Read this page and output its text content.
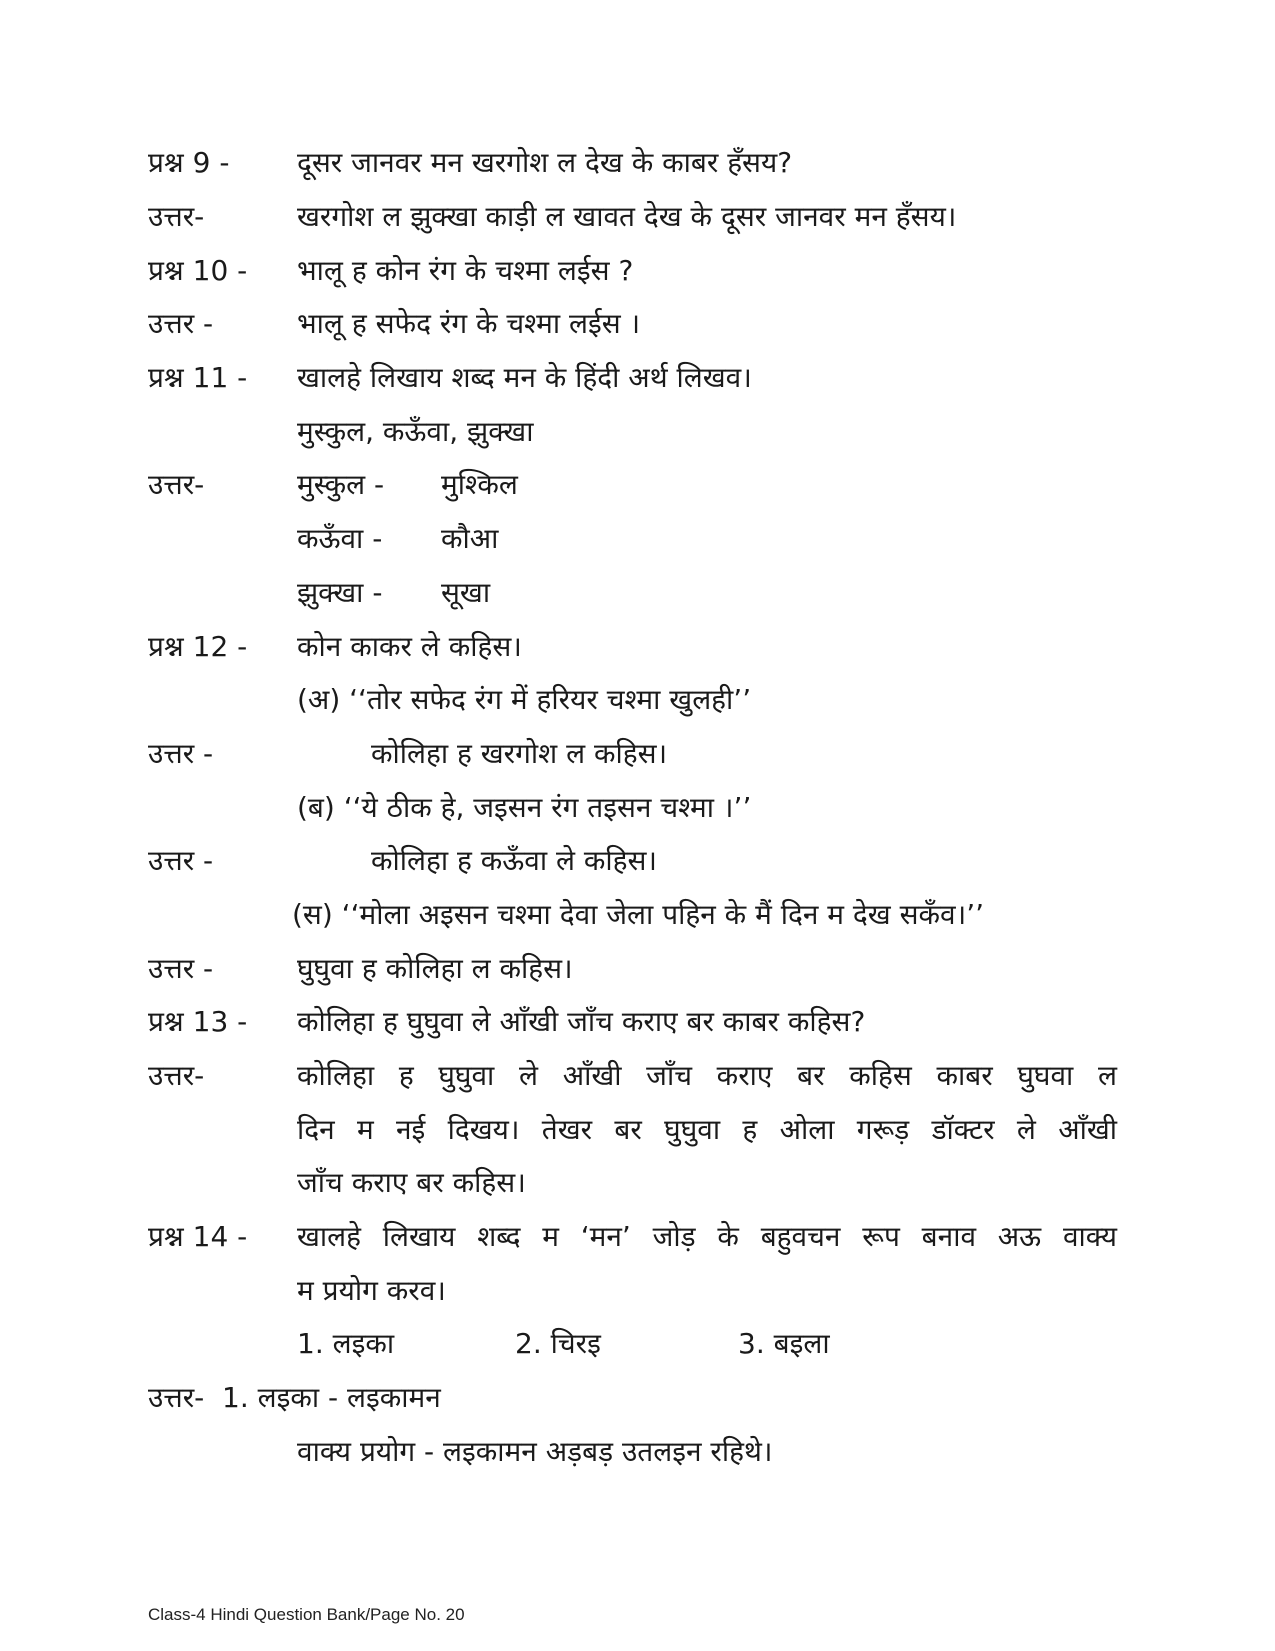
प्रश्न 9 - दूसर जानवर मन खरगोश ल देख के काबर हँसय?
उत्तर-	खरगोश ल झुक्खा काड़ी ल खावत देख के दूसर जानवर मन हँसय।
प्रश्न 10 - भालू ह कोन रंग के चश्मा लईस ?
उत्तर -	भालू ह सफेद रंग के चश्मा लईस ।
प्रश्न 11 - खालहे लिखाय शब्द मन के हिंदी अर्थ लिखव।
मुस्कुल, कऊँवा, झुक्खा
उत्तर-	मुस्कुल - मुश्किल
कऊँवा - कौआ
झुक्खा - सूखा
प्रश्न 12 - कोन काकर ले कहिस।
(अ) ‘‘तोर सफेद रंग में हरियर चश्मा खुलही’’
उत्तर -	कोलिहा ह खरगोश ल कहिस।
(ब) ‘‘ये ठीक हे, जइसन रंग तइसन चश्मा ।’’
उत्तर -	कोलिहा ह कऊँवा ले कहिस।
(स) ‘‘मोला अइसन चश्मा देवा जेला पहिन के मैं दिन म देख सकँव।’’
उत्तर -	घुघुवा ह कोलिहा ल कहिस।
प्रश्न 13 - कोलिहा ह घुघुवा ले आँखी जाँच कराए बर काबर कहिस?
उत्तर-	कोलिहा ह घुघुवा ले आँखी जाँच कराए बर कहिस काबर घुघवा ल
दिन म नई दिखय। तेखर बर घुघुवा ह ओला गरूड़ डॉक्टर ले आँखी
जाँच कराए बर कहिस।
प्रश्न 14 - खालहे लिखाय शब्द म ‘मन’ जोड़ के बहुवचन रूप बनाव अऊ वाक्य
म प्रयोग करव।
1. लइका	2. चिरइ	3. बइला
उत्तर- 1. लइका - लइकामन
वाक्य प्रयोग - लइकामन अड़बड़ उतलइन रहिथे।
Class-4 Hindi Question Bank/Page No. 20
